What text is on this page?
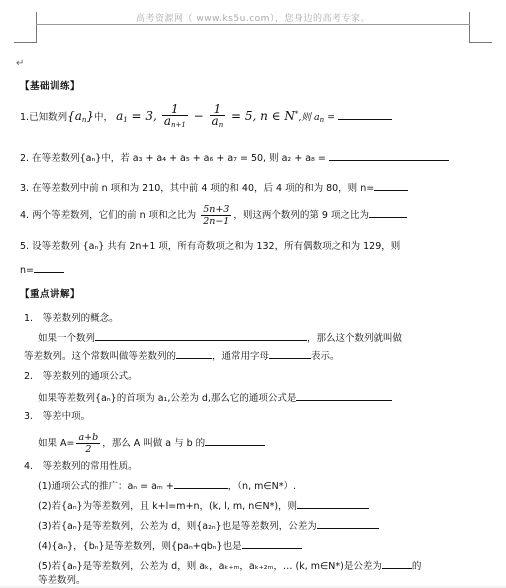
高考资源网（ www.ks5u.com），您身边的高考专家。
↵
【基础训练】
1.已知数列$\{a_n\}$中， $a_1 = 3$, $\frac{1}{a_{n+1}} - \frac{1}{a_n} = 5$, n ∈ N*,则 $a_n$ =
2. 在等差数列{aₙ}中，若 a₃ + a₄ + a₅ + a₆ + a₇ = 50, 则 a₂ + a₈ =
3. 在等差数列中前 n 项和为 210，其中前 4 项的和 40，后 4 项的和为 80，则 n=
4. 两个等差数列，它们的前 n 项和之比为 $\frac{5n+3}{2n-1}$ ，则这两个数列的第 9 项之比为
5. 设等差数列 {aₙ} 共有 2n+1 项，所有奇数项之和为 132，所有偶数项之和为 129，则
n=
【重点讲解】
1． 等差数列的概念。
如果一个数列	，那么这个数列就叫做
等差数列。这个常数叫做等差数列的	，通常用字母	表示。
2． 等差数列的通项公式。
如果等差数列{aₙ}的首项为 a₁,公差为 d,那么它的通项公式是
3． 等差中项。
如果 $A= \frac{a+b}{2}$ ，那么 A 叫做 a 与 b 的
4． 等差数列的常用性质。
(1)通项公式的推广：aₙ = aₘ +	，（n, m∈N*）.
(2)若{aₙ}为等差数列，且 k+l=m+n，(k, l, m, n∈N*)，则
(3)若{aₙ}是等差数列，公差为 d，则{a₂ₙ}也是等差数列，公差为
(4){aₙ}，{bₙ}是等差数列，则{paₙ+qbₙ}也是
(5)若{aₙ}是等差数列，公差为 d，则 aₖ，aₖ₊ₘ，aₖ₊₂ₘ，… (k, m∈N*)是公差为	的
等差数列。
